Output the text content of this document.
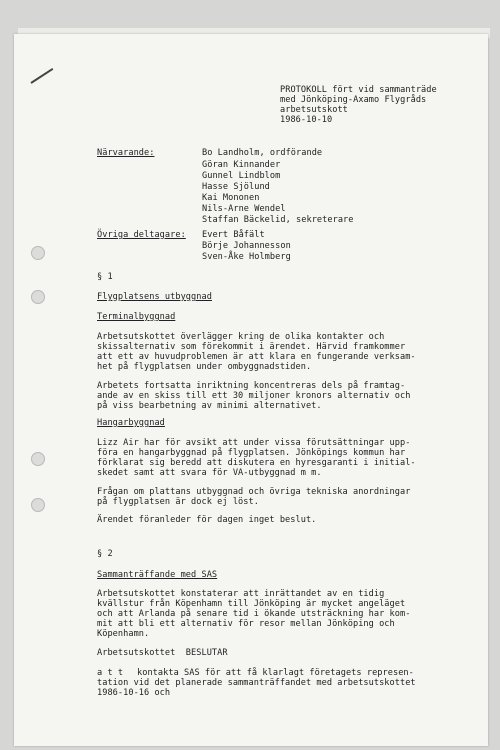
PROTOKOLL fört vid sammanträde
med Jönköping-Axamo Flygråds
arbetsutskott
1986-10-10
Närvarande:	Bo Landholm, ordförande
Göran Kinnander
Gunnel Lindblom
Hasse Sjölund
Kai Mononen
Nils-Arne Wendel
Staffan Bäckelid, sekreterare
Övriga deltagare: Evert Båfält
Börje Johannesson
Sven-Åke Holmberg
§ 1
Flygplatsens utbyggnad
Terminalbyggnad
Arbetsutskottet överlägger kring de olika kontakter och
skissalternativ som förekommit i ärendet. Härvid framkommer
att ett av huvudproblemen är att klara en fungerande verksam-
het på flygplatsen under ombyggnadstiden.
Arbetets fortsatta inriktning koncentreras dels på framtag-
ande av en skiss till ett 30 miljoner kronors alternativ och
på viss bearbetning av minimi alternativet.
Hangarbyggnad
Lizz Air har för avsikt att under vissa förutsättningar upp-
föra en hangarbyggnad på flygplatsen. Jönköpings kommun har
förklarat sig beredd att diskutera en hyresgaranti i initial-
skedet samt att svara för VA-utbyggnad m m.
Frågan om plattans utbyggnad och övriga tekniska anordningar
på flygplatsen är dock ej löst.
Ärendet föranleder för dagen inget beslut.
§ 2
Sammanträffande med SAS
Arbetsutskottet konstaterar att inrättandet av en tidig
kvällstur från Köpenhamn till Jönköping är mycket angeläget
och att Arlanda på senare tid i ökande utsträckning har kom-
mit att bli ett alternativ för resor mellan Jönköping och
Köpenhamn.
Arbetsutskottet  BESLUTAR
a t t kontakta SAS för att få klarlagt företagets represen-
tation vid det planerade sammanträffandet med arbetsutskottet
1986-10-16 och
